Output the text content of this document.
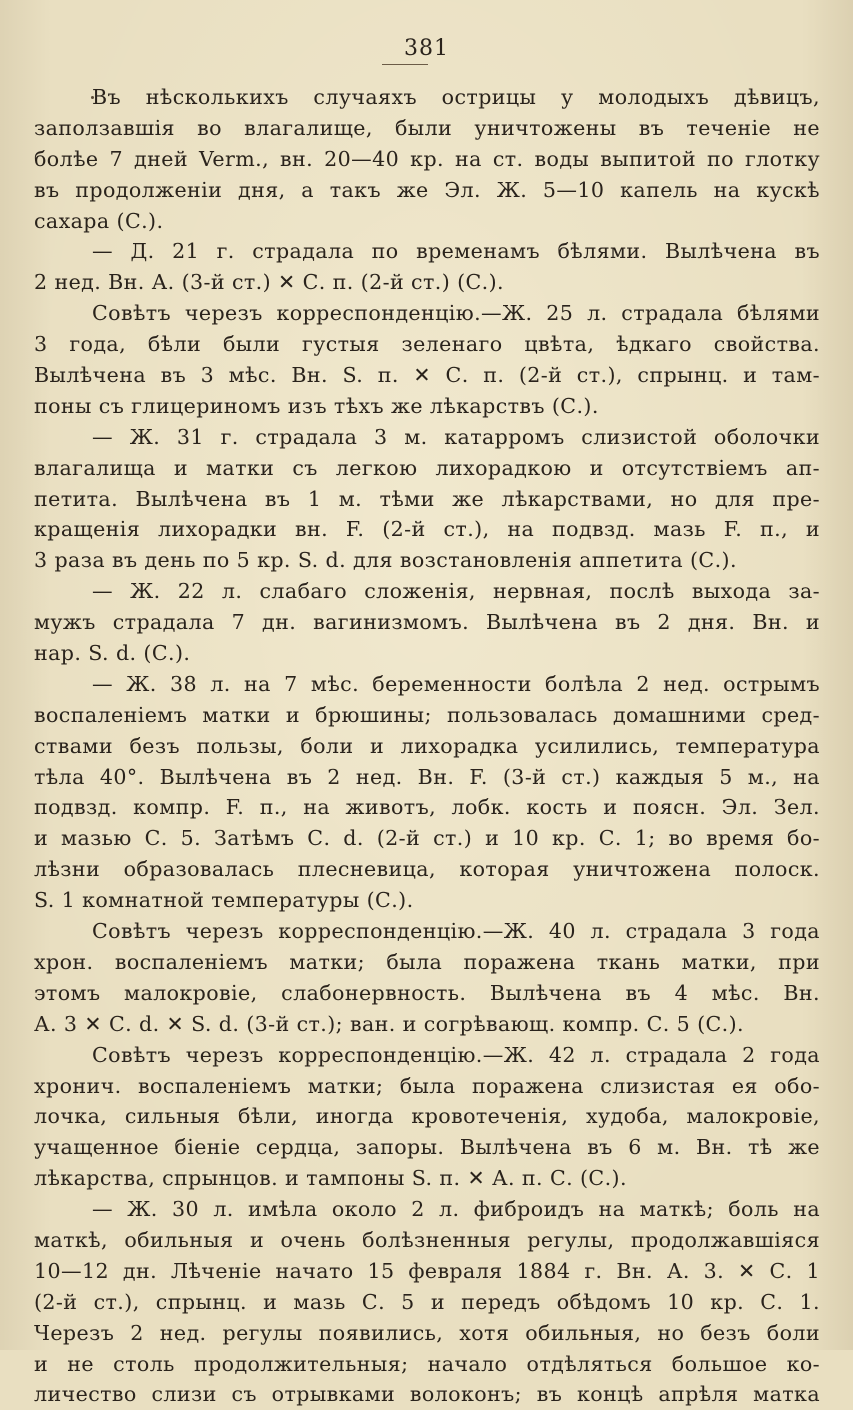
381
Въ нѣсколькихъ случаяхъ острицы у молодыхъ дѣвицъ,
заползавшія во влагалище, были уничтожены въ теченіе не
болѣе 7 дней Verm., вн. 20—40 кр. на ст. воды выпитой по глотку
въ продолженіи дня, а такъ же Эл. Ж. 5—10 капель на кускѣ
сахара (С.).
— Д. 21 г. страдала по временамъ бѣлями. Вылѣчена въ
2 нед. Вн. А. (3-й ст.) ✕ С. п. (2-й ст.) (С.).
Совѣтъ черезъ корреспонденцію.—Ж. 25 л. страдала бѣлями
3 года, бѣли были густыя зеленаго цвѣта, ѣдкаго свойства.
Вылѣчена въ 3 мѣс. Вн. S. п. ✕ С. п. (2-й ст.), спрынц. и там-
поны съ глицериномъ изъ тѣхъ же лѣкарствъ (С.).
— Ж. 31 г. страдала 3 м. катарромъ слизистой оболочки
влагалища и матки съ легкою лихорадкою и отсутствіемъ ап-
петита. Вылѣчена въ 1 м. тѣми же лѣкарствами, но для пре-
кращенія лихорадки вн. F. (2-й ст.), на подвзд. мазь F. п., и
3 раза въ день по 5 кр. S. d. для возстановленія аппетита (С.).
— Ж. 22 л. слабаго сложенія, нервная, послѣ выхода за-
мужъ страдала 7 дн. вагинизмомъ. Вылѣчена въ 2 дня. Вн. и
нар. S. d. (С.).
— Ж. 38 л. на 7 мѣс. беременности болѣла 2 нед. острымъ
воспаленіемъ матки и брюшины; пользовалась домашними сред-
ствами безъ пользы, боли и лихорадка усилились, температура
тѣла 40°. Вылѣчена въ 2 нед. Вн. F. (3-й ст.) каждыя 5 м., на
подвзд. компр. F. п., на животъ, лобк. кость и поясн. Эл. Зел.
и мазью С. 5. Затѣмъ С. d. (2-й ст.) и 10 кр. С. 1; во время бо-
лѣзни образовалась плесневица, которая уничтожена полоск.
S. 1 комнатной температуры (С.).
Совѣтъ черезъ корреспонденцію.—Ж. 40 л. страдала 3 года
хрон. воспаленіемъ матки; была поражена ткань матки, при
этомъ малокровіе, слабонервность. Вылѣчена въ 4 мѣс. Вн.
А. 3 ✕ С. d. ✕ S. d. (3-й ст.); ван. и согрѣвающ. компр. С. 5 (С.).
Совѣтъ черезъ корреспонденцію.—Ж. 42 л. страдала 2 года
хронич. воспаленіемъ матки; была поражена слизистая ея обо-
лочка, сильныя бѣли, иногда кровотеченія, худоба, малокровіе,
учащенное біеніе сердца, запоры. Вылѣчена въ 6 м. Вн. тѣ же
лѣкарства, спрынцов. и тампоны S. п. ✕ А. п. С. (С.).
— Ж. 30 л. имѣла около 2 л. фиброидъ на маткѣ; боль на
маткѣ, обильныя и очень болѣзненныя регулы, продолжавшіяся
10—12 дн. Лѣченіе начато 15 февраля 1884 г. Вн. А. 3. ✕ С. 1
(2-й ст.), спрынц. и мазь С. 5 и передъ обѣдомъ 10 кр. С. 1.
Черезъ 2 нед. регулы появились, хотя обильныя, но безъ боли
и не столь продолжительныя; начало отдѣляться большое ко-
личество слизи съ отрывками волоконъ; въ концѣ апрѣля матка
